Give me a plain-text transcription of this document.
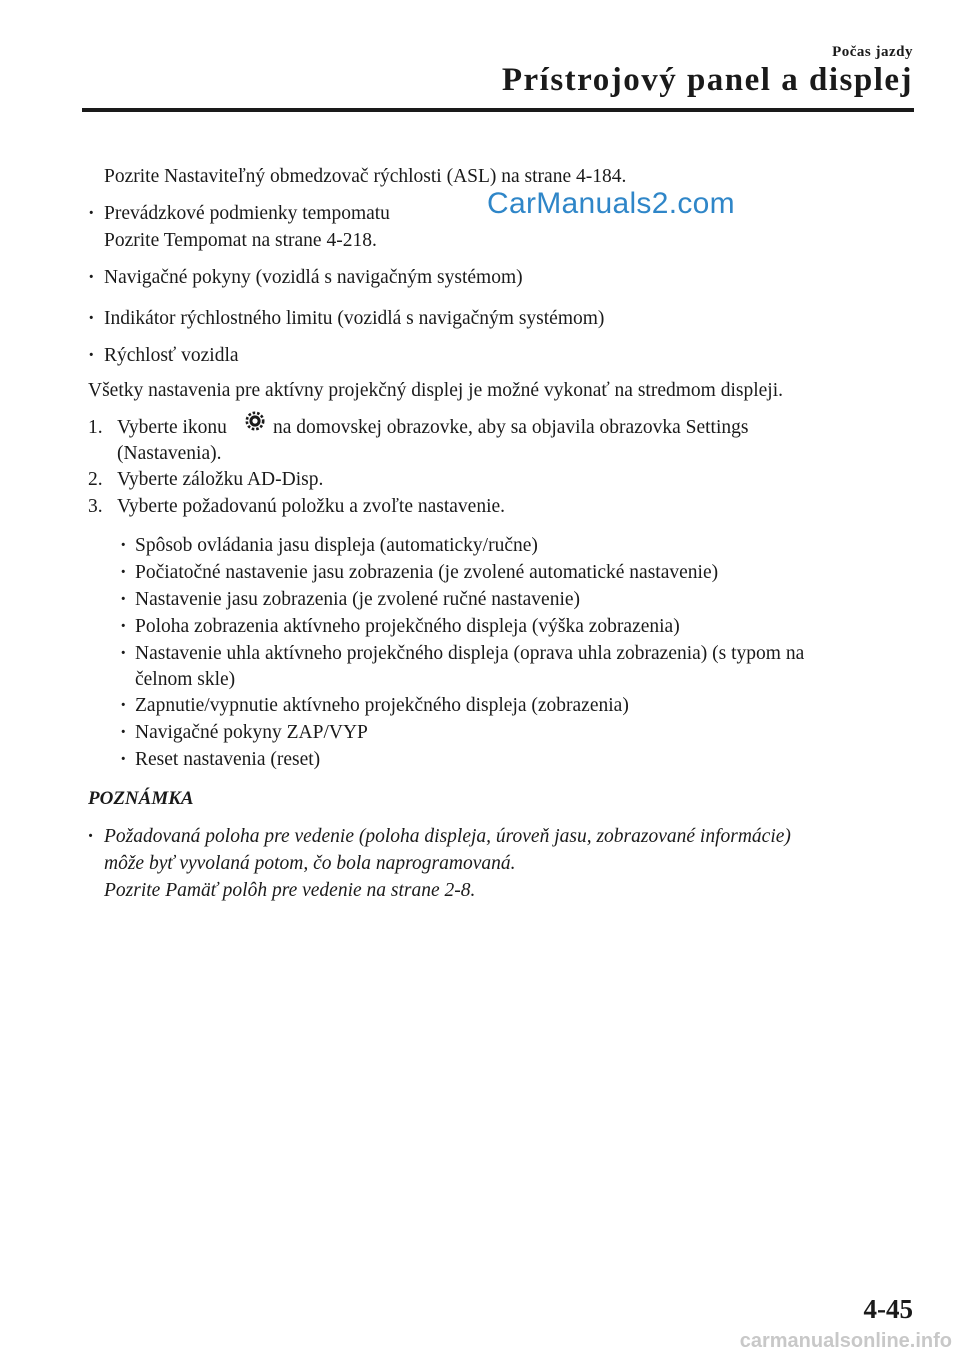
Počas jazdy
Prístrojový panel a displej
CarManuals2.com
Pozrite Nastaviteľný obmedzovač rýchlosti (ASL) na strane 4-184.
·
Prevádzkové podmienky tempomatu
Pozrite Tempomat na strane 4-218.
·
Navigačné pokyny (vozidlá s navigačným systémom)
·
Indikátor rýchlostného limitu (vozidlá s navigačným systémom)
·
Rýchlosť vozidla
Všetky nastavenia pre aktívny projekčný displej je možné vykonať na stredmom displeji.
1. Vyberte ikonu na domovskej obrazovke, aby sa objavila obrazovka Settings
(Nastavenia).
2. Vyberte záložku AD-Disp.
3. Vyberte požadovanú položku a zvoľte nastavenie.
·
Spôsob ovládania jasu displeja (automaticky/ručne)
·
Počiatočné nastavenie jasu zobrazenia (je zvolené automatické nastavenie)
·
Nastavenie jasu zobrazenia (je zvolené ručné nastavenie)
·
Poloha zobrazenia aktívneho projekčného displeja (výška zobrazenia)
·
Nastavenie uhla aktívneho projekčného displeja (oprava uhla zobrazenia) (s typom na
čelnom skle)
·
Zapnutie/vypnutie aktívneho projekčného displeja (zobrazenia)
·
Navigačné pokyny ZAP/VYP
·
Reset nastavenia (reset)
POZNÁMKA
·
Požadovaná poloha pre vedenie (poloha displeja, úroveň jasu, zobrazované informácie)
môže byť vyvolaná potom, čo bola naprogramovaná.
Pozrite Pamäť polôh pre vedenie na strane 2-8.
4-45
carmanualsonline.info
